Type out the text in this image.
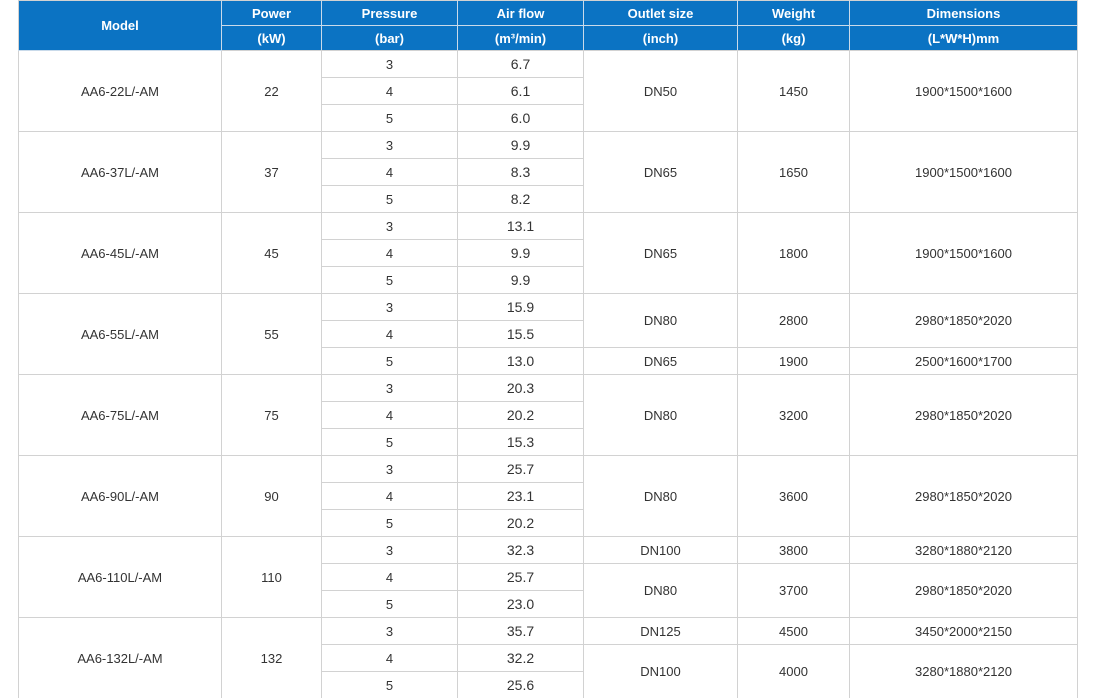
Model	Power	Pressure	Air flow	Outlet size	Weight	Dimensions
	(kW)	(bar)	(m³/min)	(inch)	(kg)	(L*W*H)mm
AA6-22L/-AM	22	3	6.7	DN50	1450	1900*1500*1600
		4	6.1			
		5	6.0			
AA6-37L/-AM	37	3	9.9	DN65	1650	1900*1500*1600
		4	8.3			
		5	8.2			
AA6-45L/-AM	45	3	13.1	DN65	1800	1900*1500*1600
		4	9.9			
		5	9.9			
AA6-55L/-AM	55	3	15.9	DN80	2800	2980*1850*2020
		4	15.5			
		5	13.0	DN65	1900	2500*1600*1700
AA6-75L/-AM	75	3	20.3	DN80	3200	2980*1850*2020
		4	20.2			
		5	15.3			
AA6-90L/-AM	90	3	25.7	DN80	3600	2980*1850*2020
		4	23.1			
		5	20.2			
AA6-110L/-AM	110	3	32.3	DN100	3800	3280*1880*2120
		4	25.7	DN80	3700	2980*1850*2020
		5	23.0			
AA6-132L/-AM	132	3	35.7	DN125	4500	3450*2000*2150
		4	32.2	DN100	4000	3280*1880*2120
		5	25.6			
